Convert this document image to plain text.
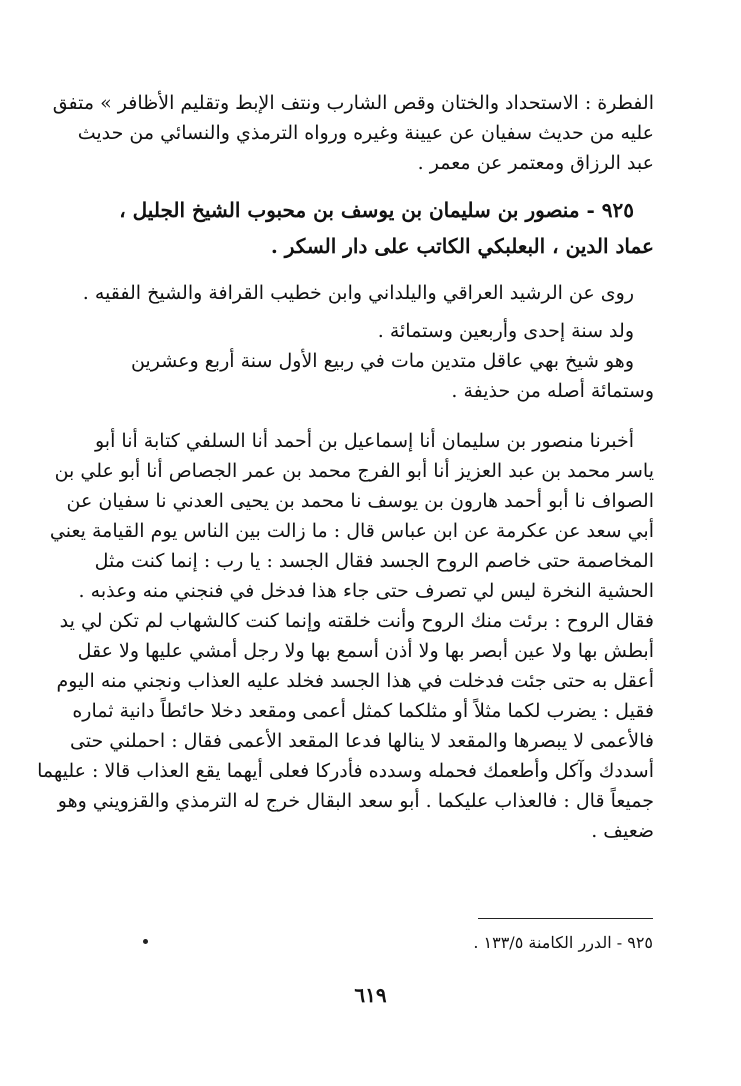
الفطرة : الاستحداد والختان وقص الشارب ونتف الإبط وتقليم الأظافر » متفق
عليه من حديث سفيان عن عيينة وغيره ورواه الترمذي والنسائي من حديث
عبد الرزاق ومعتمر عن معمر .
٩٢٥ - منصور بن سليمان بن يوسف بن محبوب الشيخ الجليل ،
عماد الدين ، البعلبكي الكاتب على دار السكر .
روى عن الرشيد العراقي واليلداني وابن خطيب القرافة والشيخ الفقيه .
ولد سنة إحدى وأربعين وستمائة .
وهو شيخ بهي عاقل متدين مات في ربيع الأول سنة أربع وعشرين
وستمائة أصله من حذيفة .
أخبرنا منصور بن سليمان أنا إسماعيل بن أحمد أنا السلفي كتابة أنا أبو
ياسر محمد بن عبد العزيز أنا أبو الفرج محمد بن عمر الجصاص أنا أبو علي بن
الصواف نا أبو أحمد هارون بن يوسف نا محمد بن يحيى العدني نا سفيان عن
أبي سعد عن عكرمة عن ابن عباس قال : ما زالت بين الناس يوم القيامة يعني
المخاصمة حتى خاصم الروح الجسد فقال الجسد : يا رب : إنما كنت مثل
الحشية النخرة ليس لي تصرف حتى جاء هذا فدخل في فنجني منه وعذبه .
فقال الروح : برئت منك الروح وأنت خلقته وإنما كنت كالشهاب لم تكن لي يد
أبطش بها ولا عين أبصر بها ولا أذن أسمع بها ولا رجل أمشي عليها ولا عقل
أعقل به حتى جئت فدخلت في هذا الجسد فخلد عليه العذاب ونجني منه اليوم
فقيل : يضرب لكما مثلاً أو مثلكما كمثل أعمى ومقعد دخلا حائطاً دانية ثماره
فالأعمى لا يبصرها والمقعد لا ينالها فدعا المقعد الأعمى فقال : احملني حتى
أسددك وآكل وأطعمك فحمله وسدده فأدركا فعلى أيهما يقع العذاب قالا : عليهما
جميعاً قال : فالعذاب عليكما . أبو سعد البقال خرج له الترمذي والقزويني وهو
ضعيف .
٩٢٥ - الدرر الكامنة ١٣٣/٥ .
٦١٩
